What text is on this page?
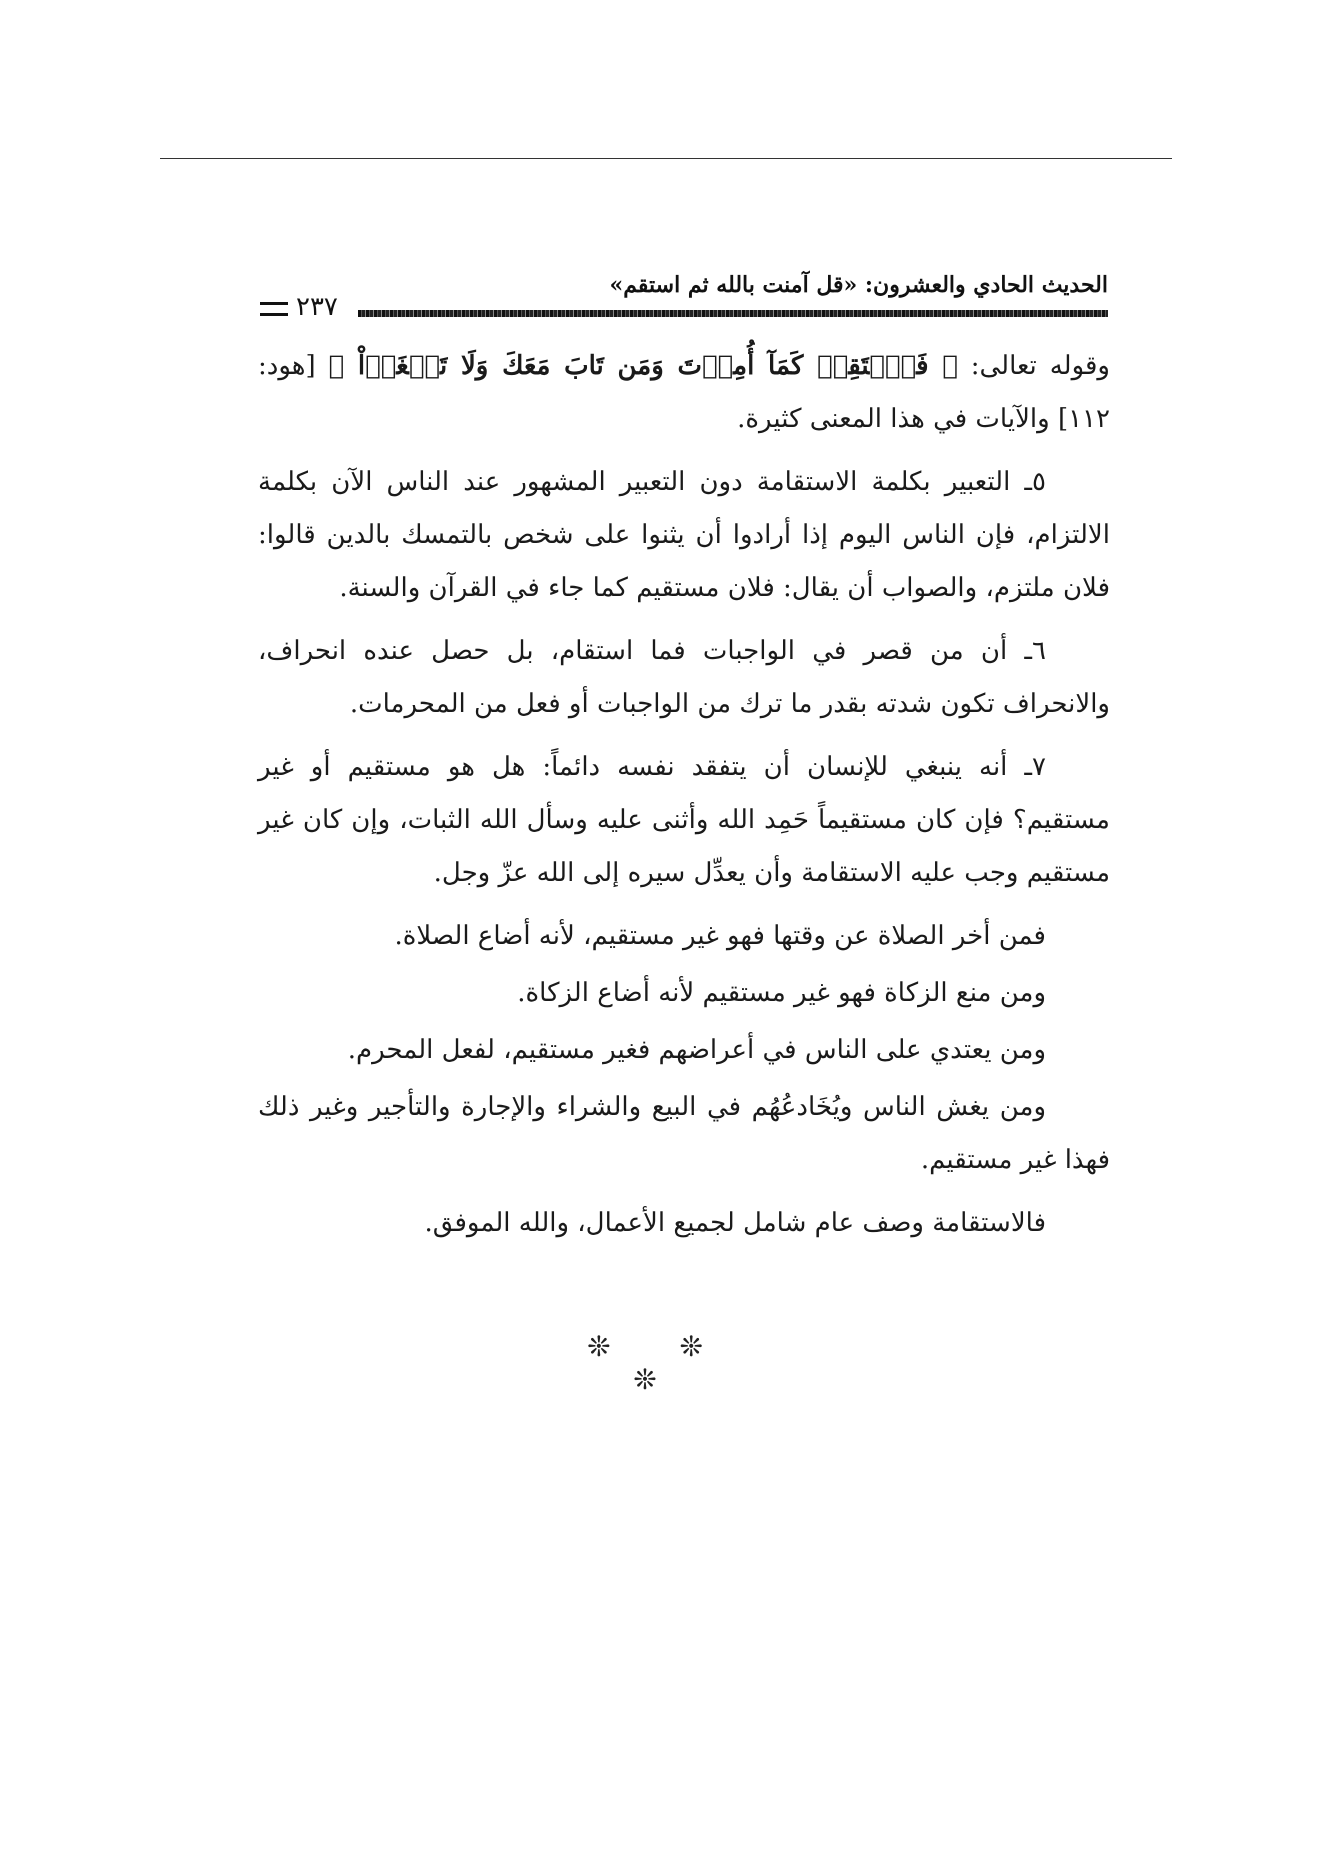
الحديث الحادي والعشرون: «قل آمنت بالله ثم استقم»
٢٣٧

وقوله تعالى: ﴿ فَٱسۡتَقِمۡ كَمَآ أُمِرۡتَ وَمَن تَابَ مَعَكَ وَلَا تَطۡغَوۡاْ ﴾ [هود: ١١٢] والآيات في هذا المعنى كثيرة.

٥ـ التعبير بكلمة الاستقامة دون التعبير المشهور عند الناس الآن بكلمة الالتزام، فإن الناس اليوم إذا أرادوا أن يثنوا على شخص بالتمسك بالدين قالوا: فلان ملتزم، والصواب أن يقال: فلان مستقيم كما جاء في القرآن والسنة.

٦ـ أن من قصر في الواجبات فما استقام، بل حصل عنده انحراف، والانحراف تكون شدته بقدر ما ترك من الواجبات أو فعل من المحرمات.

٧ـ أنه ينبغي للإنسان أن يتفقد نفسه دائماً: هل هو مستقيم أو غير مستقيم؟ فإن كان مستقيماً حَمِد الله وأثنى عليه وسأل الله الثبات، وإن كان غير مستقيم وجب عليه الاستقامة وأن يعدِّل سيره إلى الله عزّ وجل.

فمن أخر الصلاة عن وقتها فهو غير مستقيم، لأنه أضاع الصلاة.

ومن منع الزكاة فهو غير مستقيم لأنه أضاع الزكاة.

ومن يعتدي على الناس في أعراضهم فغير مستقيم، لفعل المحرم.

ومن يغش الناس ويُخَادعُهُم في البيع والشراء والإجارة والتأجير وغير ذلك فهذا غير مستقيم.

فالاستقامة وصف عام شامل لجميع الأعمال، والله الموفق.

❊ ❊ ❊
